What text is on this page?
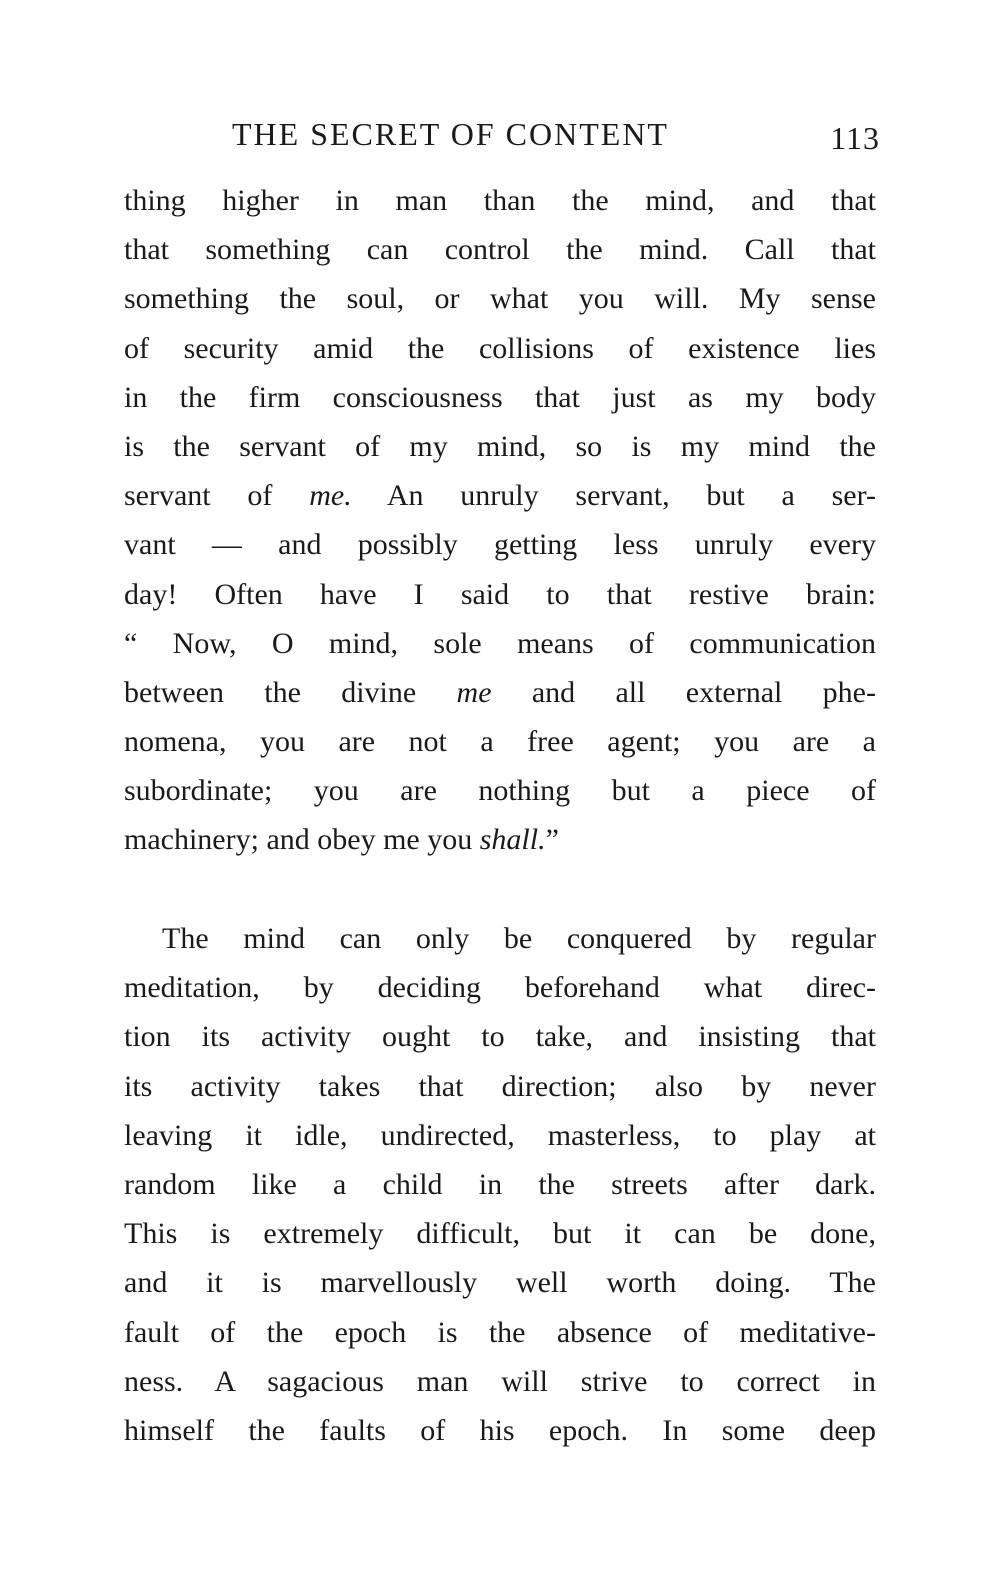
THE SECRET OF CONTENT	113
thing higher in man than the mind, and that
that something can control the mind. Call that
something the soul, or what you will. My sense
of security amid the collisions of existence lies
in the firm consciousness that just as my body
is the servant of my mind, so is my mind the
servant of me. An unruly servant, but a ser-
vant — and possibly getting less unruly every
day! Often have I said to that restive brain:
“ Now, O mind, sole means of communication
between the divine me and all external phe-
nomena, you are not a free agent; you are a
subordinate; you are nothing but a piece of
machinery; and obey me you shall.”
The mind can only be conquered by regular
meditation, by deciding beforehand what direc-
tion its activity ought to take, and insisting that
its activity takes that direction; also by never
leaving it idle, undirected, masterless, to play at
random like a child in the streets after dark.
This is extremely difficult, but it can be done,
and it is marvellously well worth doing. The
fault of the epoch is the absence of meditative-
ness. A sagacious man will strive to correct in
himself the faults of his epoch. In some deep
